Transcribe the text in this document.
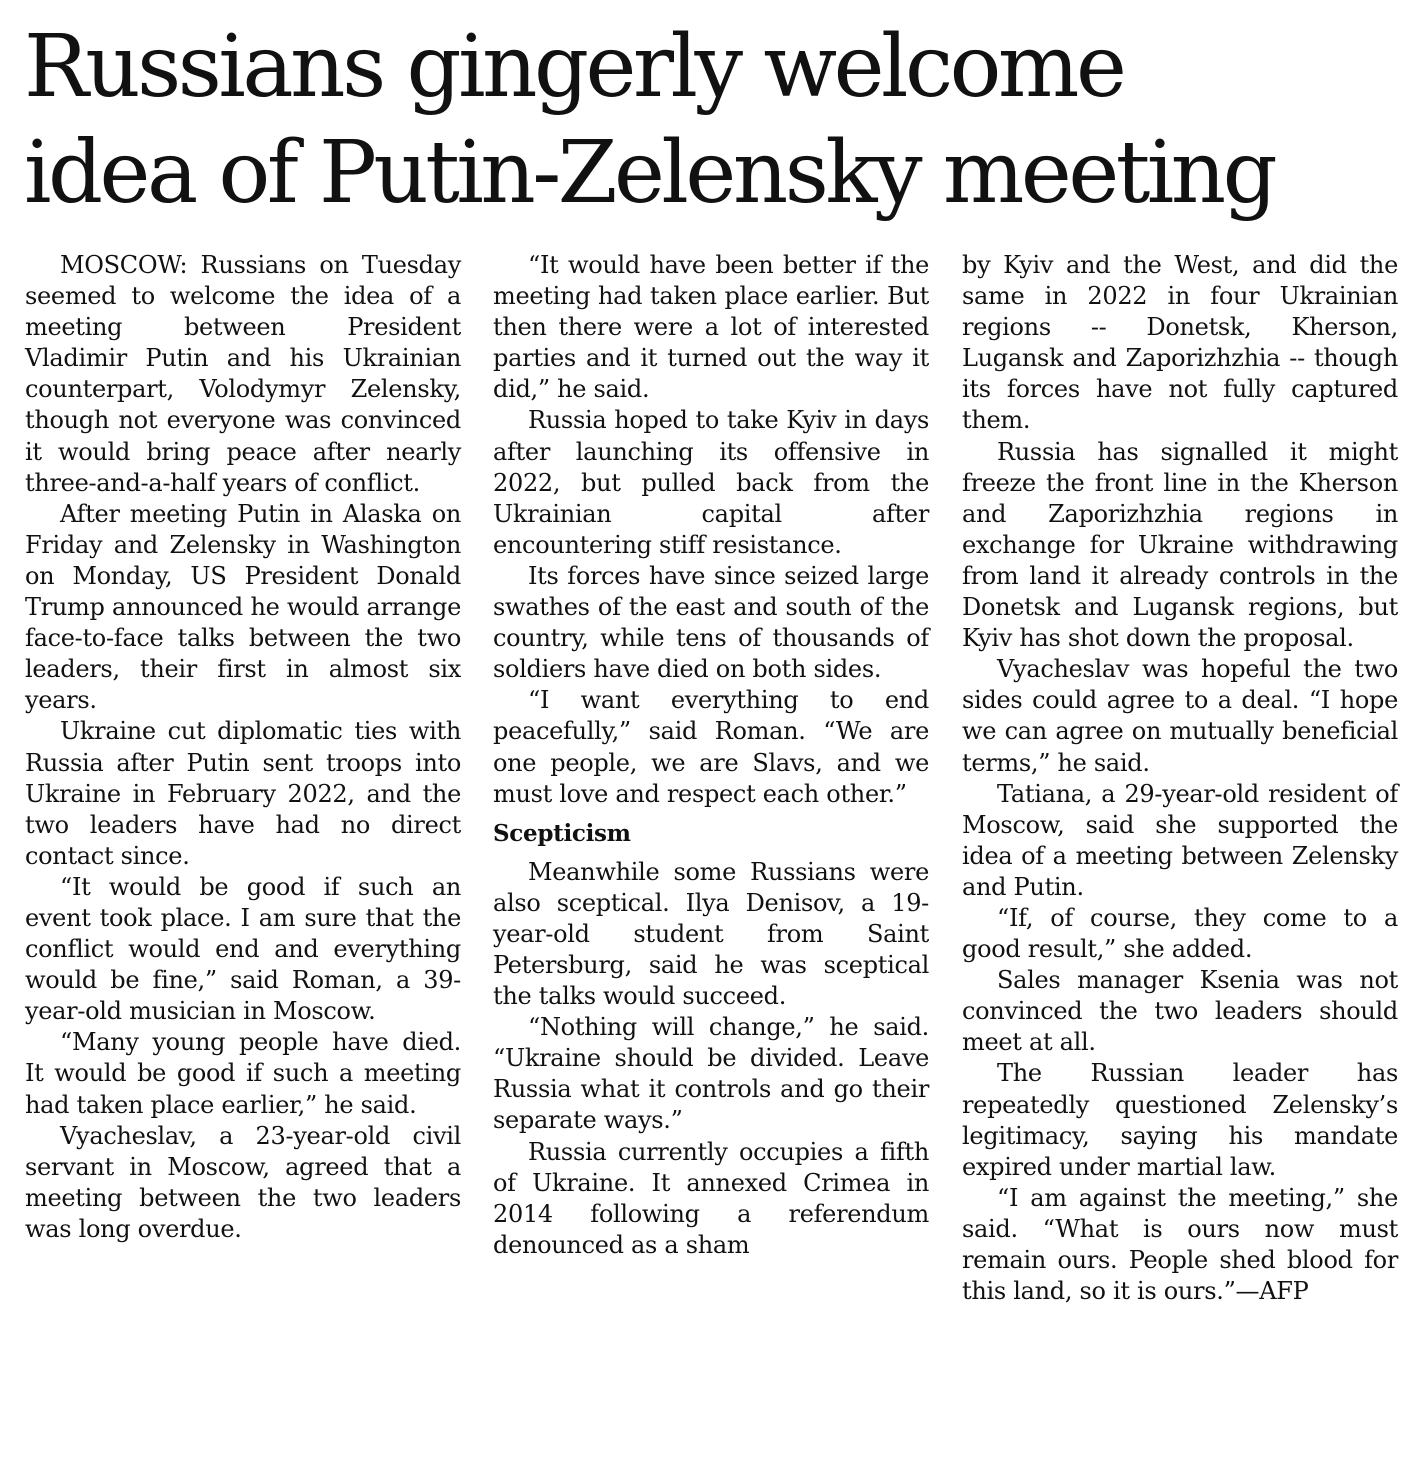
Russians gingerly welcome
idea of Putin-Zelensky meeting

MOSCOW: Russians on Tuesday seemed to welcome the idea of a meeting between President Vladimir Putin and his Ukrainian counterpart, Volodymyr Zelensky, though not everyone was convinced it would bring peace after nearly three-and-a-half years of conflict.

After meeting Putin in Alaska on Friday and Zelensky in Washington on Monday, US President Donald Trump announced he would arrange face-to-face talks between the two leaders, their first in almost six years.

Ukraine cut diplomatic ties with Russia after Putin sent troops into Ukraine in February 2022, and the two leaders have had no direct contact since.

“It would be good if such an event took place. I am sure that the conflict would end and everything would be fine,” said Roman, a 39-year-old musician in Moscow.

“Many young people have died. It would be good if such a meeting had taken place earlier,” he said.

Vyacheslav, a 23-year-old civil servant in Moscow, agreed that a meeting between the two leaders was long overdue.

“It would have been better if the meeting had taken place earlier. But then there were a lot of interested parties and it turned out the way it did,” he said.

Russia hoped to take Kyiv in days after launching its offensive in 2022, but pulled back from the Ukrainian capital after encountering stiff resistance.

Its forces have since seized large swathes of the east and south of the country, while tens of thousands of soldiers have died on both sides.

“I want everything to end peacefully,” said Roman. “We are one people, we are Slavs, and we must love and respect each other.”

Scepticism

Meanwhile some Russians were also sceptical. Ilya Denisov, a 19-year-old student from Saint Petersburg, said he was sceptical the talks would succeed.

“Nothing will change,” he said. “Ukraine should be divided. Leave Russia what it controls and go their separate ways.”

Russia currently occupies a fifth of Ukraine. It annexed Crimea in 2014 following a referendum denounced as a sham

by Kyiv and the West, and did the same in 2022 in four Ukrainian regions -- Donetsk, Kherson, Lugansk and Zaporizhzhia -- though its forces have not fully captured them.

Russia has signalled it might freeze the front line in the Kherson and Zaporizhzhia regions in exchange for Ukraine withdrawing from land it already controls in the Donetsk and Lugansk regions, but Kyiv has shot down the proposal.

Vyacheslav was hopeful the two sides could agree to a deal. “I hope we can agree on mutually beneficial terms,” he said.

Tatiana, a 29-year-old resident of Moscow, said she supported the idea of a meeting between Zelensky and Putin.

“If, of course, they come to a good result,” she added.

Sales manager Ksenia was not convinced the two leaders should meet at all.

The Russian leader has repeatedly questioned Zelensky’s legitimacy, saying his mandate expired under martial law.

“I am against the meeting,” she said. “What is ours now must remain ours. People shed blood for this land, so it is ours.”—AFP
